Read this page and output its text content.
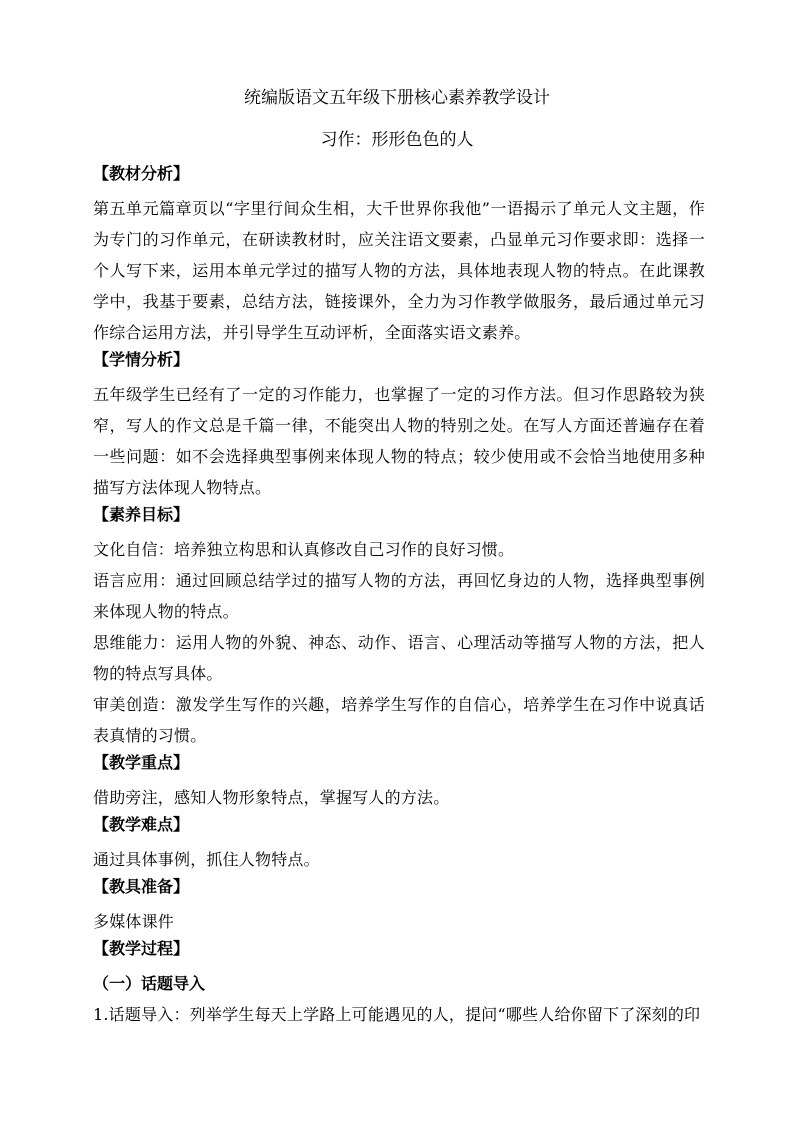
统编版语文五年级下册核心素养教学设计
习作：形形色色的人
【教材分析】

第五单元篇章页以“字里行间众生相，大千世界你我他”一语揭示了单元人文主题，作为专门的习作单元，在研读教材时，应关注语文要素，凸显单元习作要求即：选择一个人写下来，运用本单元学过的描写人物的方法，具体地表现人物的特点。在此课教学中，我基于要素，总结方法，链接课外，全力为习作教学做服务，最后通过单元习作综合运用方法，并引导学生互动评析，全面落实语文素养。

【学情分析】

五年级学生已经有了一定的习作能力，也掌握了一定的习作方法。但习作思路较为狭窄，写人的作文总是千篇一律，不能突出人物的特别之处。在写人方面还普遍存在着一些问题：如不会选择典型事例来体现人物的特点；较少使用或不会恰当地使用多种描写方法体现人物特点。

【素养目标】

文化自信：培养独立构思和认真修改自己习作的良好习惯。

语言应用：通过回顾总结学过的描写人物的方法，再回忆身边的人物，选择典型事例来体现人物的特点。

思维能力：运用人物的外貌、神态、动作、语言、心理活动等描写人物的方法，把人物的特点写具体。

审美创造：激发学生写作的兴趣，培养学生写作的自信心，培养学生在习作中说真话表真情的习惯。

【教学重点】

借助旁注，感知人物形象特点，掌握写人的方法。

【教学难点】

通过具体事例，抓住人物特点。

【教具准备】

多媒体课件

【教学过程】
（一）话题导入

1.话题导入：列举学生每天上学路上可能遇见的人，提问“哪些人给你留下了深刻的印
